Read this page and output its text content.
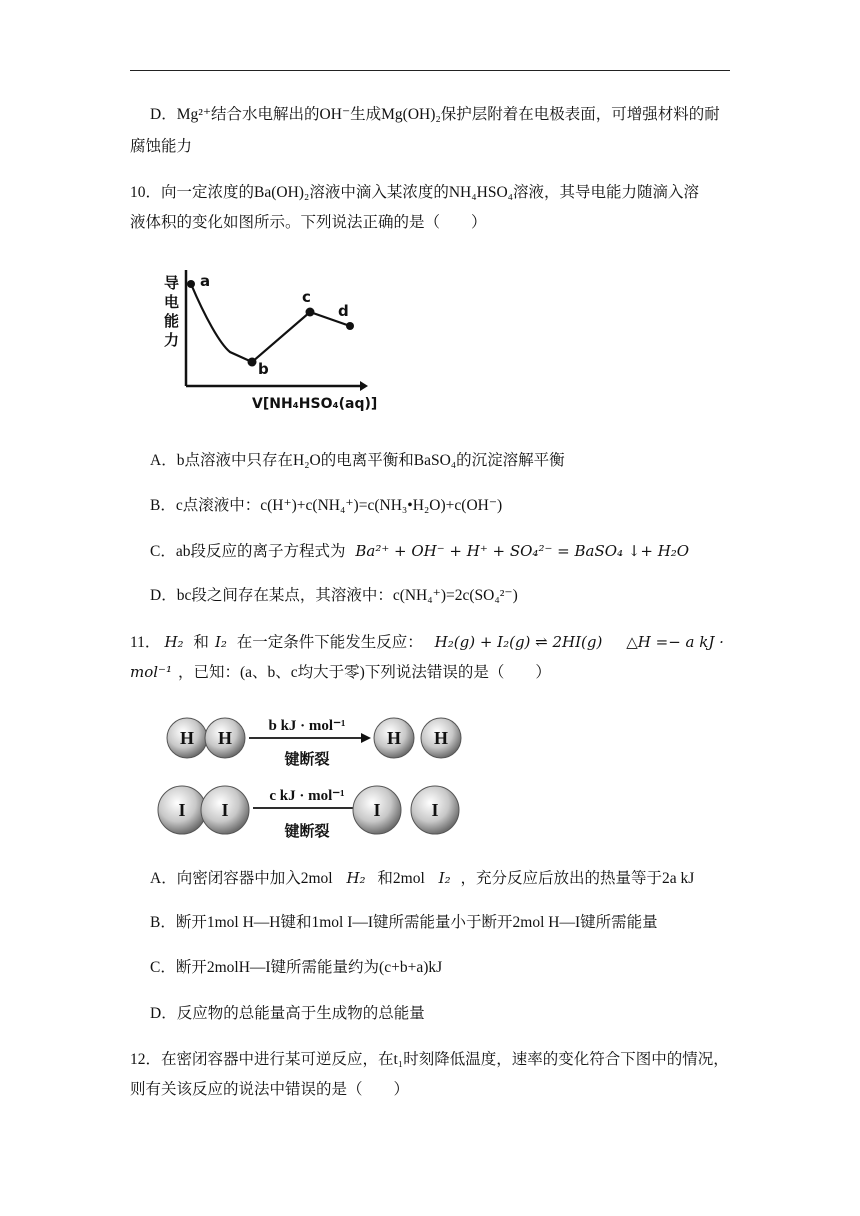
D．Mg²⁺结合水电解出的OH⁻生成Mg(OH)₂保护层附着在电极表面，可增强材料的耐
腐蚀能力
10．向一定浓度的Ba(OH)₂溶液中滴入某浓度的NH₄HSO₄溶液，其导电能力随滴入溶
液体积的变化如图所示。下列说法正确的是（　　）
导
电
能
力
a
b
c
d
V[NH₄HSO₄(aq)]
A．b点溶液中只存在H₂O的电离平衡和BaSO₄的沉淀溶解平衡
B．c点滚液中：c(H⁺)+c(NH₄⁺)=c(NH₃•H₂O)+c(OH⁻)
C．ab段反应的离子方程式为 Ba²⁺ + OH⁻ + H⁺ + SO₄²⁻ = BaSO₄ ↓+ H₂O
D．bc段之间存在某点，其溶液中：c(NH₄⁺)=2c(SO₄²⁻)
11． H₂ 和 I₂ 在一定条件下能发生反应： H₂(g) + I₂(g) ⇌ 2HI(g) △H =− a kJ ·
mol⁻¹ ，已知：(a、b、c均大于零)下列说法错误的是（　　）
H H	H H
b kJ · mol⁻¹
键断裂
I I	I	I
c kJ · mol⁻¹
键断裂
A．向密闭容器中加入2mol H₂ 和2mol I₂ ，充分反应后放出的热量等于2a kJ
B．断开1mol H—H键和1mol I—I键所需能量小于断开2mol H—I键所需能量
C．断开2molH—I键所需能量约为(c+b+a)kJ
D．反应物的总能量高于生成物的总能量
12．在密闭容器中进行某可逆反应，在t₁时刻降低温度，速率的变化符合下图中的情况，
则有关该反应的说法中错误的是（　　）
